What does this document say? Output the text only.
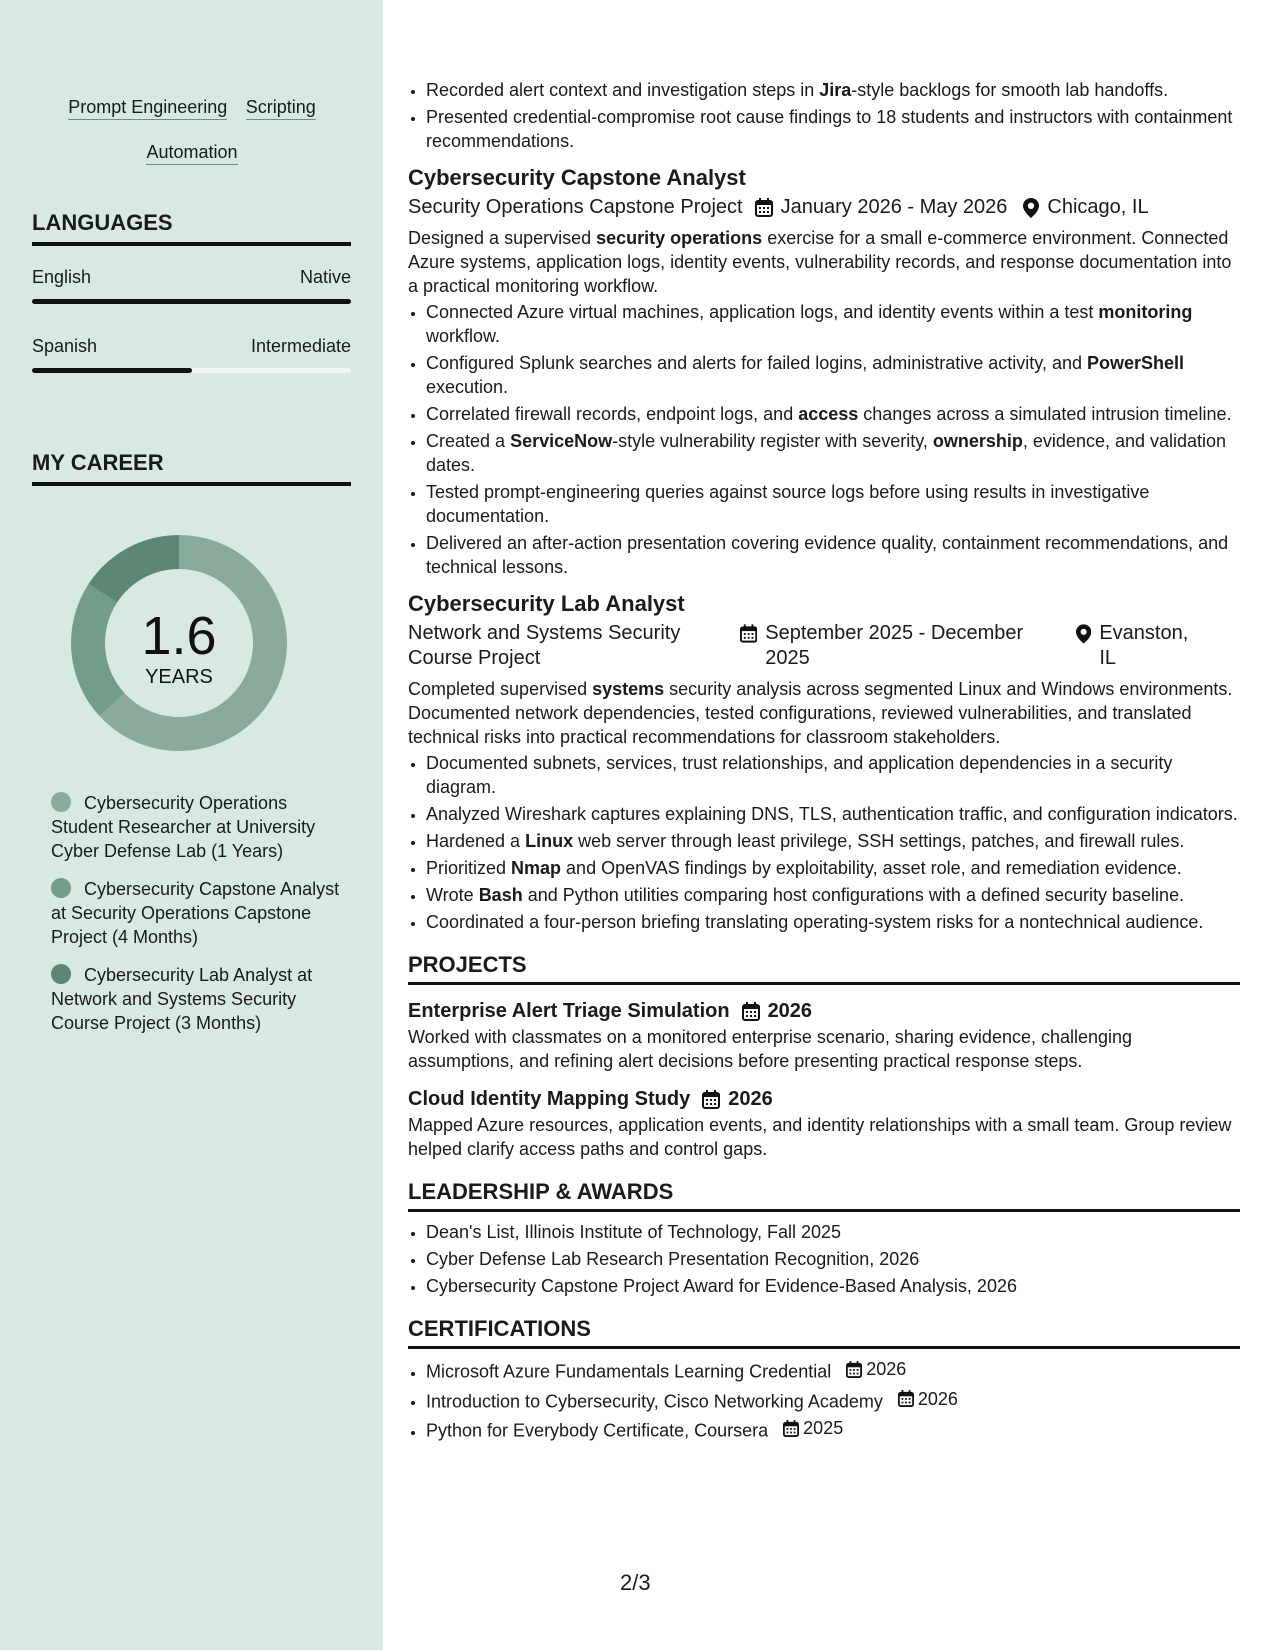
Prompt Engineering Scripting Automation
LANGUAGES
English	Native
Spanish	Intermediate
MY CAREER
1.6
YEARS
Cybersecurity Operations Student Researcher at University Cyber Defense Lab (1 Years)
Cybersecurity Capstone Analyst at Security Operations Capstone Project (4 Months)
Cybersecurity Lab Analyst at Network and Systems Security Course Project (3 Months)
• Recorded alert context and investigation steps in Jira-style backlogs for smooth lab handoffs.
• Presented credential-compromise root cause findings to 18 students and instructors with containment recommendations.
Cybersecurity Capstone Analyst
Security Operations Capstone Project January 2026 - May 2026 Chicago, IL
Designed a supervised security operations exercise for a small e-commerce environment. Connected Azure systems, application logs, identity events, vulnerability records, and response documentation into a practical monitoring workflow.
• Connected Azure virtual machines, application logs, and identity events within a test monitoring workflow.
• Configured Splunk searches and alerts for failed logins, administrative activity, and PowerShell execution.
• Correlated firewall records, endpoint logs, and access changes across a simulated intrusion timeline.
• Created a ServiceNow-style vulnerability register with severity, ownership, evidence, and validation dates.
• Tested prompt-engineering queries against source logs before using results in investigative documentation.
• Delivered an after-action presentation covering evidence quality, containment recommendations, and technical lessons.
Cybersecurity Lab Analyst
Network and Systems Security Course Project
September 2025 - December 2025
Evanston, IL
Completed supervised systems security analysis across segmented Linux and Windows environments. Documented network dependencies, tested configurations, reviewed vulnerabilities, and translated technical risks into practical recommendations for classroom stakeholders.
• Documented subnets, services, trust relationships, and application dependencies in a security diagram.
• Analyzed Wireshark captures explaining DNS, TLS, authentication traffic, and configuration indicators.
• Hardened a Linux web server through least privilege, SSH settings, patches, and firewall rules.
• Prioritized Nmap and OpenVAS findings by exploitability, asset role, and remediation evidence.
• Wrote Bash and Python utilities comparing host configurations with a defined security baseline.
• Coordinated a four-person briefing translating operating-system risks for a nontechnical audience.
PROJECTS
Enterprise Alert Triage Simulation 2026
Worked with classmates on a monitored enterprise scenario, sharing evidence, challenging assumptions, and refining alert decisions before presenting practical response steps.
Cloud Identity Mapping Study 2026
Mapped Azure resources, application events, and identity relationships with a small team. Group review helped clarify access paths and control gaps.
LEADERSHIP & AWARDS
• Dean's List, Illinois Institute of Technology, Fall 2025
• Cyber Defense Lab Research Presentation Recognition, 2026
• Cybersecurity Capstone Project Award for Evidence-Based Analysis, 2026
CERTIFICATIONS
• Microsoft Azure Fundamentals Learning Credential 2026
• Introduction to Cybersecurity, Cisco Networking Academy 2026
• Python for Everybody Certificate, Coursera 2025
2/3
